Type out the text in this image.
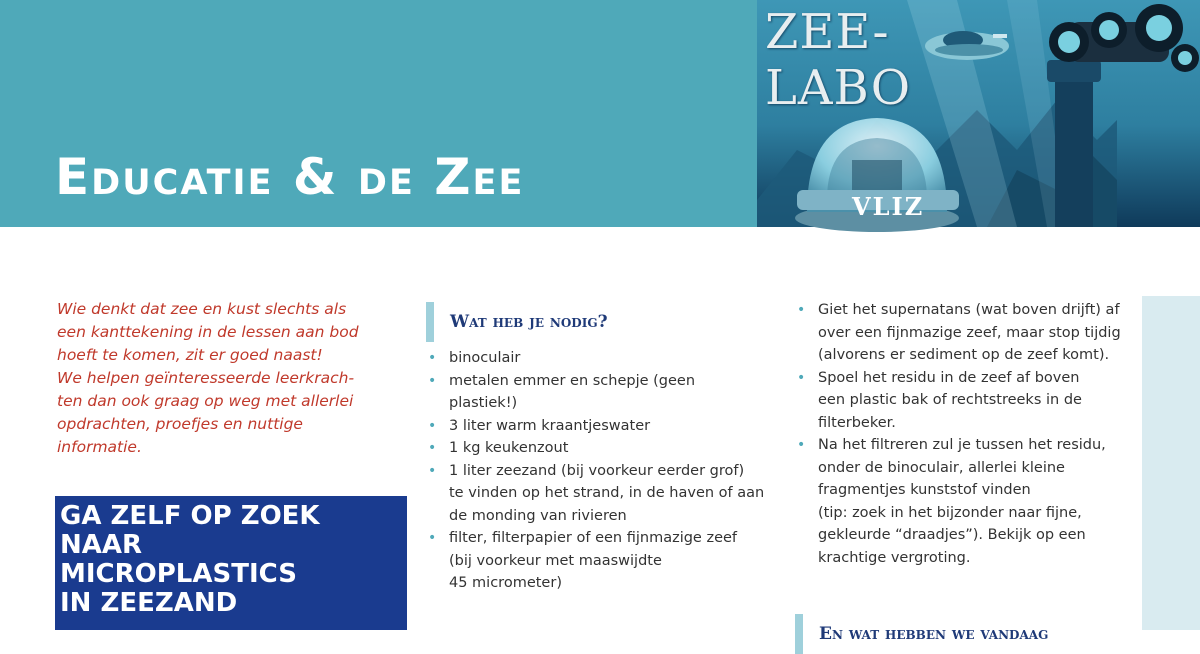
Educatie & de Zee
ZEE-
LABO
VLIZ

Wie denkt dat zee en kust slechts als

een kanttekening in de lessen aan bod

hoeft te komen, zit er goed naast!

We helpen geïnteresseerde leerkrach-

ten dan ook graag op weg met allerlei

opdrachten, proefjes en nuttige

informatie.

GA ZELF OP ZOEK
NAAR
MICROPLASTICS
IN ZEEZAND
Wat heb je nodig?
• binoculair
• metalen emmer en schepje (geen
plastiek!)
• 3 liter warm kraantjeswater
• 1 kg keukenzout
• 1 liter zeezand (bij voorkeur eerder grof)
te vinden op het strand, in de haven of aan
de monding van rivieren
• filter, filterpapier of een fijnmazige zeef
(bij voorkeur met maaswijdte
45 micrometer)
• Giet het supernatans (wat boven drijft) af
over een fijnmazige zeef, maar stop tijdig
(alvorens er sediment op de zeef komt).
• Spoel het residu in de zeef af boven
een plastic bak of rechtstreeks in de
filterbeker.
• Na het filtreren zul je tussen het residu,
onder de binoculair, allerlei kleine
fragmentjes kunststof vinden
(tip: zoek in het bijzonder naar fijne,
gekleurde “draadjes”). Bekijk op een
krachtige vergroting.
En wat hebben we vandaag
